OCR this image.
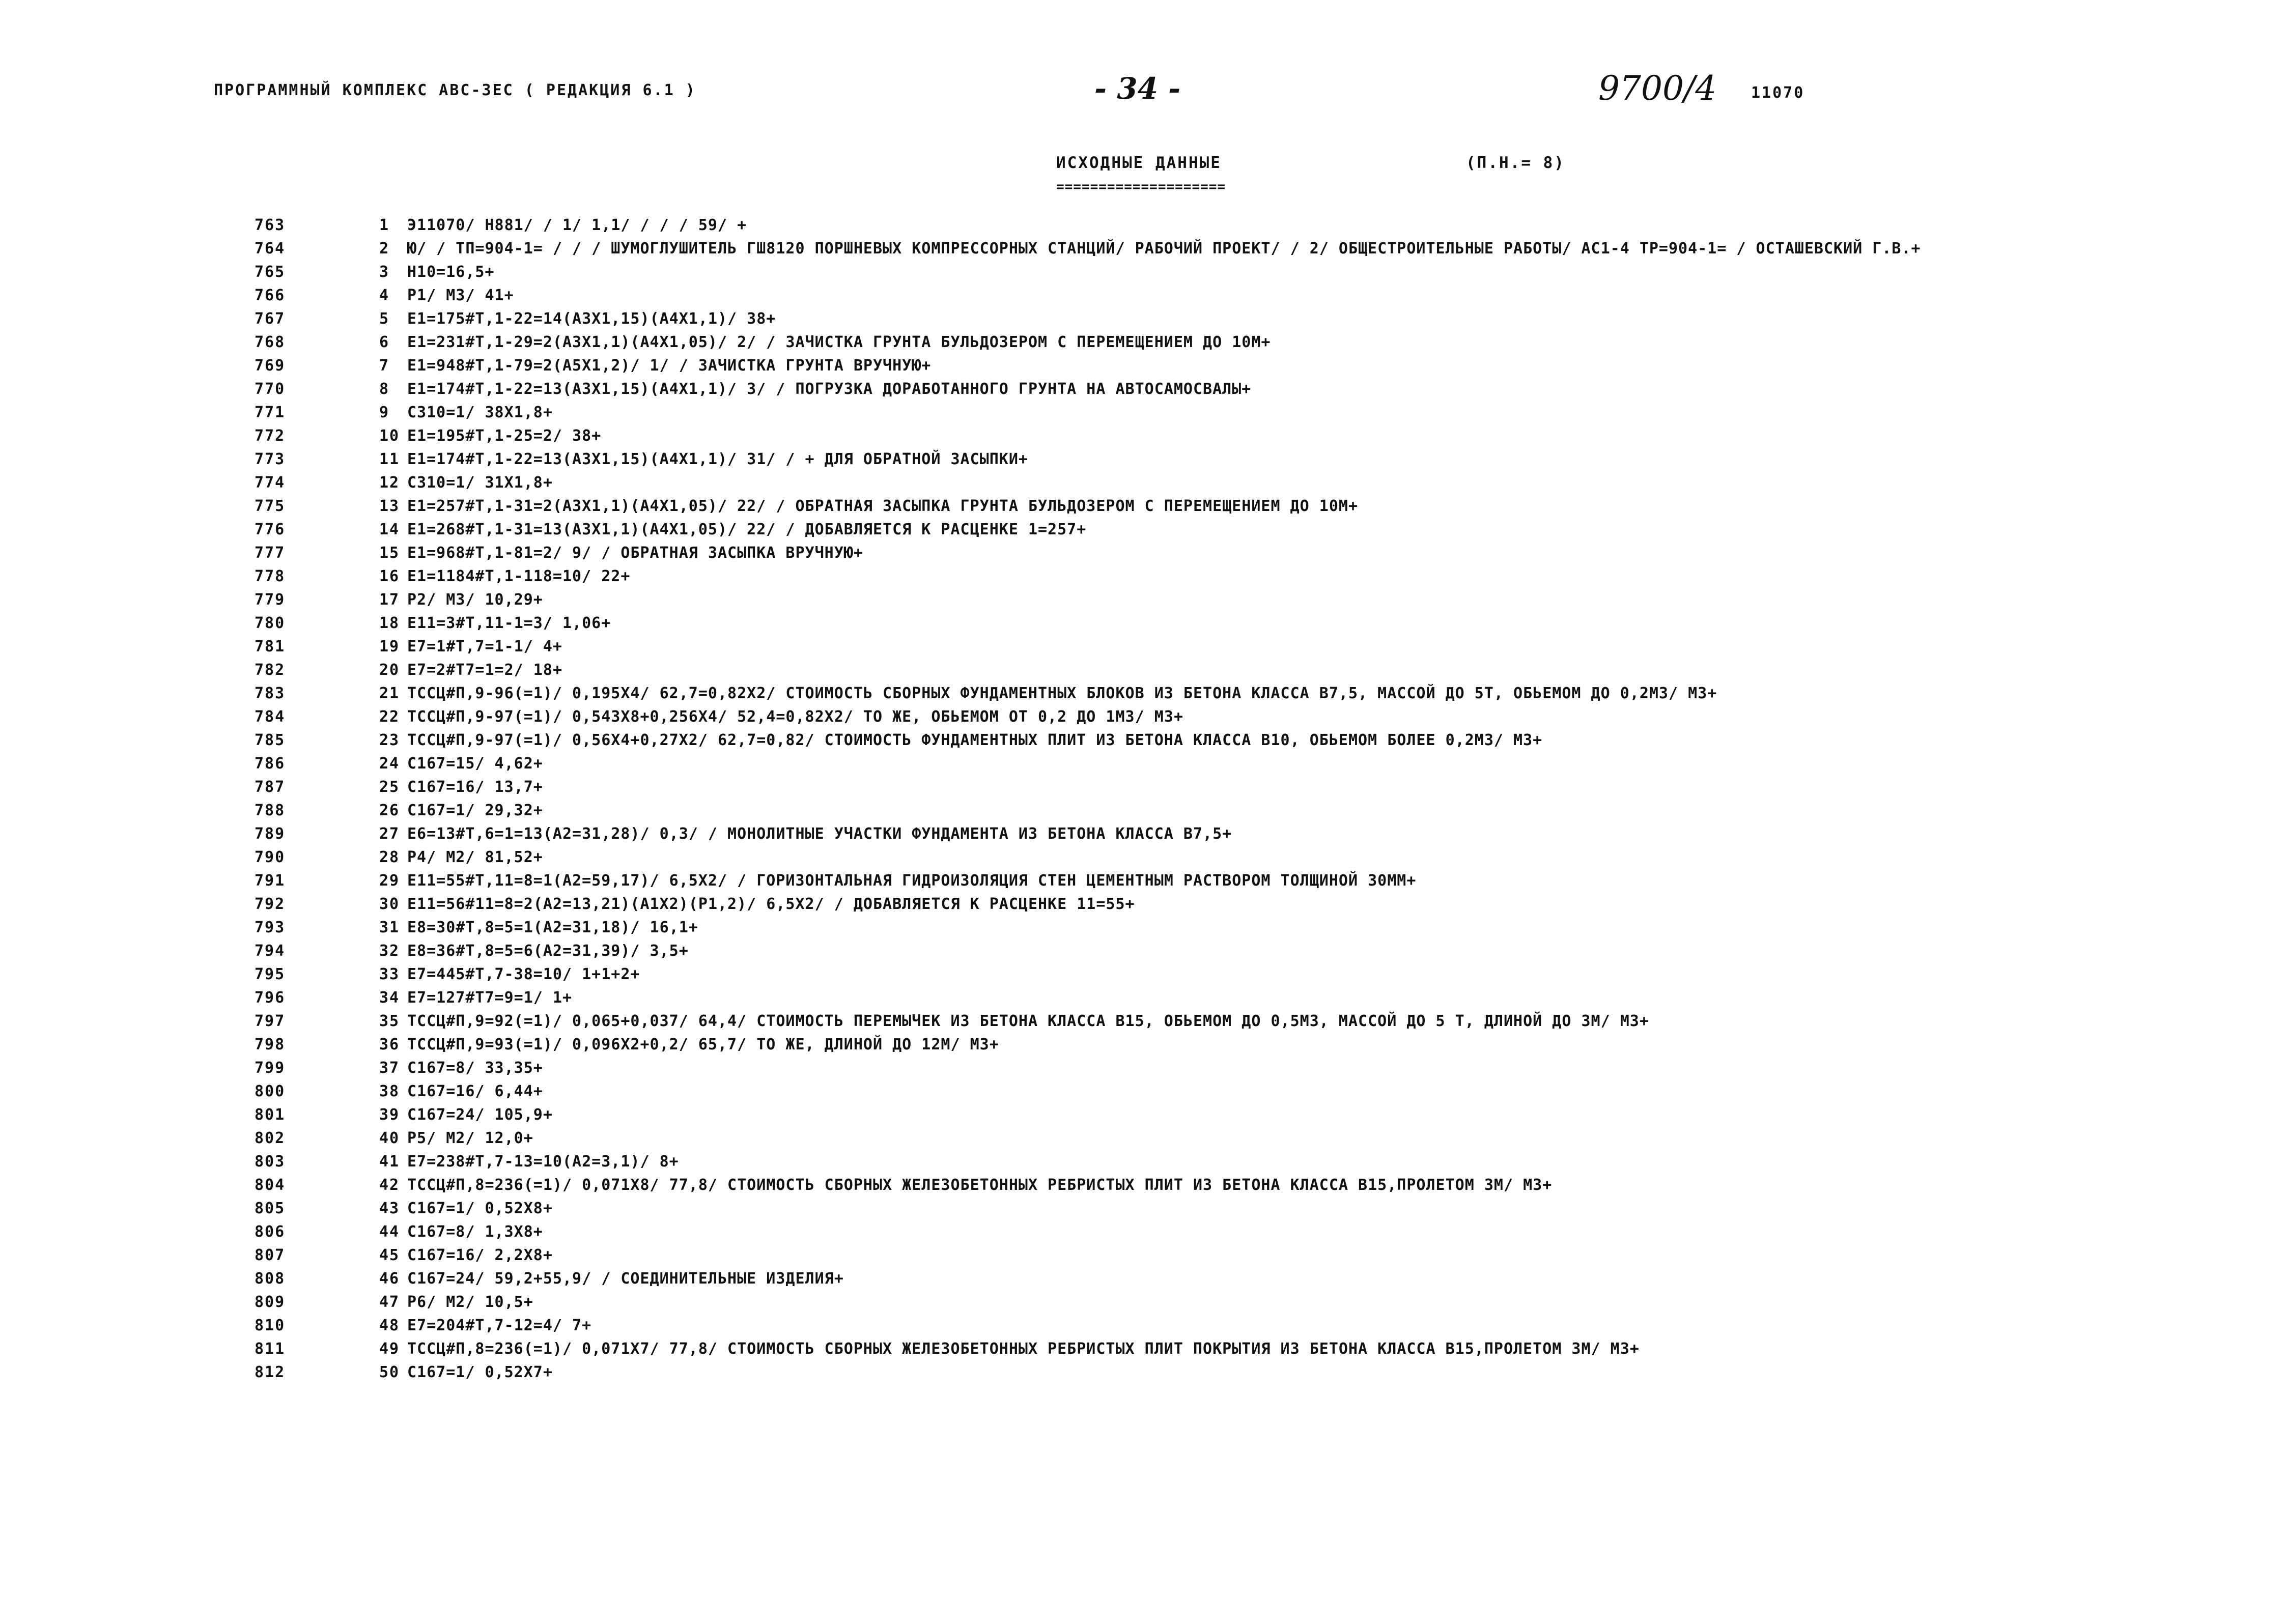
ПРОГРАММНЫЙ КОМПЛЕКС АВС-ЗЕС ( РЕДАКЦИЯ 6.1 )	- 34 -	9700/4 11070
ИСХОДНЫЕ ДАННЫЕ	(П.Н.= 8)
====================
763	1	Э11070/ Н881/ / 1/ 1,1/ / / / 59/ +
764	2	Ю/ / ТП=904-1= / / / ШУМОГЛУШИТЕЛЬ ГШ8120 ПОРШНЕВЫХ КОМПРЕССОРНЫХ СТАНЦИЙ/ РАБОЧИЙ ПРОЕКТ/ / 2/ ОБЩЕСТРОИТЕЛЬНЫЕ РАБОТЫ/ АС1-4 ТР=904-1= / ОСТАШЕВСКИЙ Г.В.+
765	3	Н10=16,5+
766	4	Р1/ М3/ 41+
767	5	Е1=175#Т,1-22=14(А3Х1,15)(А4Х1,1)/ 38+
768	6	Е1=231#Т,1-29=2(А3Х1,1)(А4Х1,05)/ 2/ / ЗАЧИСТКА ГРУНТА БУЛЬДОЗЕРОМ С ПЕРЕМЕЩЕНИЕМ ДО 10М+
769	7	Е1=948#Т,1-79=2(А5Х1,2)/ 1/ / ЗАЧИСТКА ГРУНТА ВРУЧНУЮ+
770	8	Е1=174#Т,1-22=13(А3Х1,15)(А4Х1,1)/ 3/ / ПОГРУЗКА ДОРАБОТАННОГО ГРУНТА НА АВТОСАМОСВАЛЫ+
771	9	С310=1/ 38Х1,8+
772	10 Е1=195#Т,1-25=2/ 38+
773	11 Е1=174#Т,1-22=13(А3Х1,15)(А4Х1,1)/ 31/ / + ДЛЯ ОБРАТНОЙ ЗАСЫПКИ+
774	12 С310=1/ 31Х1,8+
775	13 Е1=257#Т,1-31=2(А3Х1,1)(А4Х1,05)/ 22/ / ОБРАТНАЯ ЗАСЫПКА ГРУНТА БУЛЬДОЗЕРОМ С ПЕРЕМЕЩЕНИЕМ ДО 10М+
776	14 Е1=268#Т,1-31=13(А3Х1,1)(А4Х1,05)/ 22/ / ДОБАВЛЯЕТСЯ К РАСЦЕНКЕ 1=257+
777	15 Е1=968#Т,1-81=2/ 9/ / ОБРАТНАЯ ЗАСЫПКА ВРУЧНУЮ+
778	16 Е1=1184#Т,1-118=10/ 22+
779	17 Р2/ М3/ 10,29+
780	18 Е11=3#Т,11-1=3/ 1,06+
781	19 Е7=1#Т,7=1-1/ 4+
782	20 Е7=2#Т7=1=2/ 18+
783	21 ТССЦ#П,9-96(=1)/ 0,195Х4/ 62,7=0,82Х2/ СТОИМОСТЬ СБОРНЫХ ФУНДАМЕНТНЫХ БЛОКОВ ИЗ БЕТОНА КЛАССА В7,5, МАССОЙ ДО 5Т, ОБЬЕМОМ ДО 0,2М3/ М3+
784	22 ТССЦ#П,9-97(=1)/ 0,543Х8+0,256Х4/ 52,4=0,82Х2/ ТО ЖЕ, ОБЬЕМОМ ОТ 0,2 ДО 1М3/ М3+
785	23 ТССЦ#П,9-97(=1)/ 0,56Х4+0,27Х2/ 62,7=0,82/ СТОИМОСТЬ ФУНДАМЕНТНЫХ ПЛИТ ИЗ БЕТОНА КЛАССА В10, ОБЬЕМОМ БОЛЕЕ 0,2М3/ М3+
786	24 С167=15/ 4,62+
787	25 С167=16/ 13,7+
788	26 С167=1/ 29,32+
789	27 Е6=13#Т,6=1=13(А2=31,28)/ 0,3/ / МОНОЛИТНЫЕ УЧАСТКИ ФУНДАМЕНТА ИЗ БЕТОНА КЛАССА В7,5+
790	28 Р4/ М2/ 81,52+
791	29 Е11=55#Т,11=8=1(А2=59,17)/ 6,5Х2/ / ГОРИЗОНТАЛЬНАЯ ГИДРОИЗОЛЯЦИЯ СТЕН ЦЕМЕНТНЫМ РАСТВОРОМ ТОЛЩИНОЙ 30ММ+
792	30 Е11=56#11=8=2(А2=13,21)(А1Х2)(Р1,2)/ 6,5Х2/ / ДОБАВЛЯЕТСЯ К РАСЦЕНКЕ 11=55+
793	31 Е8=30#Т,8=5=1(А2=31,18)/ 16,1+
794	32 Е8=36#Т,8=5=6(А2=31,39)/ 3,5+
795	33 Е7=445#Т,7-38=10/ 1+1+2+
796	34 Е7=127#Т7=9=1/ 1+
797	35 ТССЦ#П,9=92(=1)/ 0,065+0,037/ 64,4/ СТОИМОСТЬ ПЕРЕМЫЧЕК ИЗ БЕТОНА КЛАССА В15, ОБЬЕМОМ ДО 0,5М3, МАССОЙ ДО 5 Т, ДЛИНОЙ ДО 3М/ М3+
798	36 ТССЦ#П,9=93(=1)/ 0,096Х2+0,2/ 65,7/ ТО ЖЕ, ДЛИНОЙ ДО 12М/ М3+
799	37 С167=8/ 33,35+
800	38 С167=16/ 6,44+
801	39 С167=24/ 105,9+
802	40 Р5/ М2/ 12,0+
803	41 Е7=238#Т,7-13=10(А2=3,1)/ 8+
804	42 ТССЦ#П,8=236(=1)/ 0,071Х8/ 77,8/ СТОИМОСТЬ СБОРНЫХ ЖЕЛЕЗОБЕТОННЫХ РЕБРИСТЫХ ПЛИТ ИЗ БЕТОНА КЛАССА В15,ПРОЛЕТОМ 3М/ М3+
805	43 С167=1/ 0,52Х8+
806	44 С167=8/ 1,3Х8+
807	45 С167=16/ 2,2Х8+
808	46 С167=24/ 59,2+55,9/ / СОЕДИНИТЕЛЬНЫЕ ИЗДЕЛИЯ+
809	47 Р6/ М2/ 10,5+
810	48 Е7=204#Т,7-12=4/ 7+
811	49 ТССЦ#П,8=236(=1)/ 0,071Х7/ 77,8/ СТОИМОСТЬ СБОРНЫХ ЖЕЛЕЗОБЕТОННЫХ РЕБРИСТЫХ ПЛИТ ПОКРЫТИЯ ИЗ БЕТОНА КЛАССА В15,ПРОЛЕТОМ 3М/ М3+
812	50 С167=1/ 0,52Х7+
